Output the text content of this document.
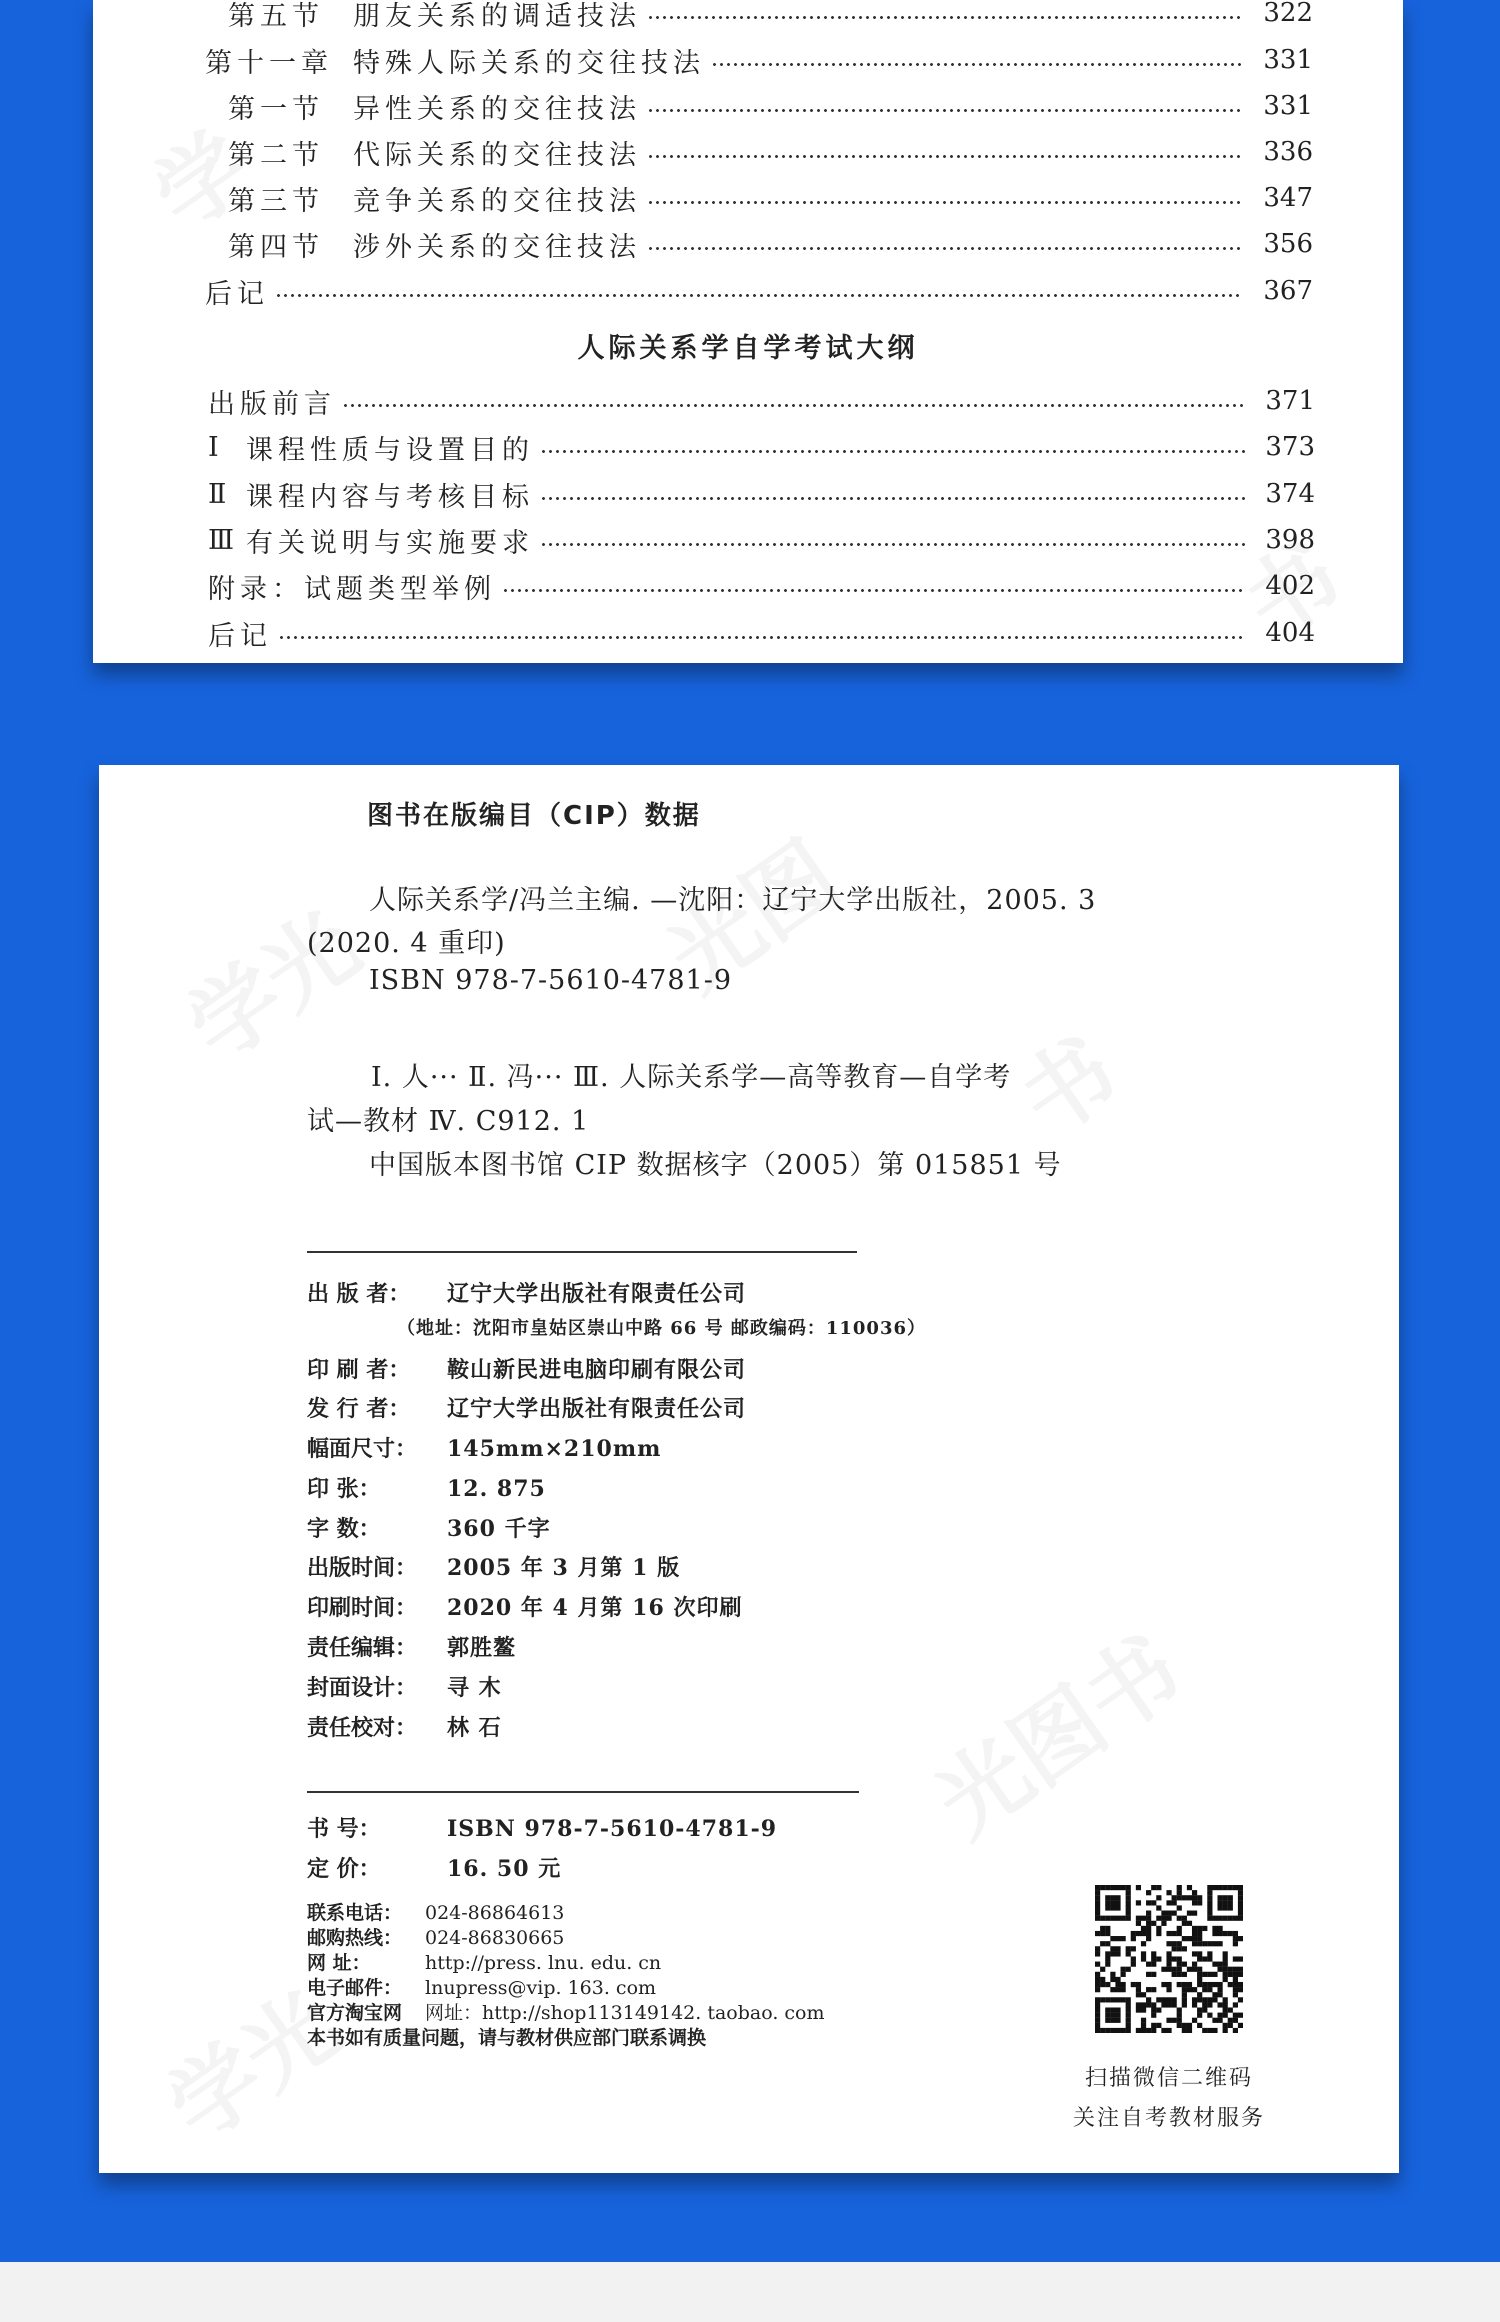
第五节	朋友关系的调适技法	322
第十一章 特殊人际关系的交往技法	331
第一节	异性关系的交往技法	331
第二节	代际关系的交往技法	336
第三节	竞争关系的交往技法	347
第四节	涉外关系的交往技法	356
后记	367
人际关系学自学考试大纲
出版前言	371
Ⅰ	课程性质与设置目的	373
Ⅱ 课程内容与考核目标	374
Ⅲ 有关说明与实施要求	398
附录：试题类型举例	402
后记	404
图书在版编目（CIP）数据
人际关系学/冯兰主编. —沈阳：辽宁大学出版社，2005. 3
(2020. 4 重印)
ISBN 978-7-5610-4781-9
Ⅰ. 人··· Ⅱ. 冯··· Ⅲ. 人际关系学—高等教育—自学考
试—教材 Ⅳ. C912. 1
中国版本图书馆 CIP 数据核字（2005）第 015851 号
出 版 者： 辽宁大学出版社有限责任公司
（地址：沈阳市皇姑区崇山中路 66 号 邮政编码：110036）
印 刷 者： 鞍山新民进电脑印刷有限公司
发 行 者： 辽宁大学出版社有限责任公司
幅面尺寸： 145mm×210mm
印 张：	12. 875
字 数：	360 千字
出版时间： 2005 年 3 月第 1 版
印刷时间： 2020 年 4 月第 16 次印刷
责任编辑： 郭胜鳌
封面设计： 寻 木
责任校对： 林 石
书 号：	ISBN 978-7-5610-4781-9
定 价：	16. 50 元
联系电话： 024-86864613
邮购热线： 024-86830665
网 址：	http://press. lnu. edu. cn
电子邮件： lnupress@vip. 163. com
官方淘宝网 网址：http://shop113149142. taobao. com
本书如有质量问题，请与教材供应部门联系调换
扫描微信二维码
关注自考教材服务
